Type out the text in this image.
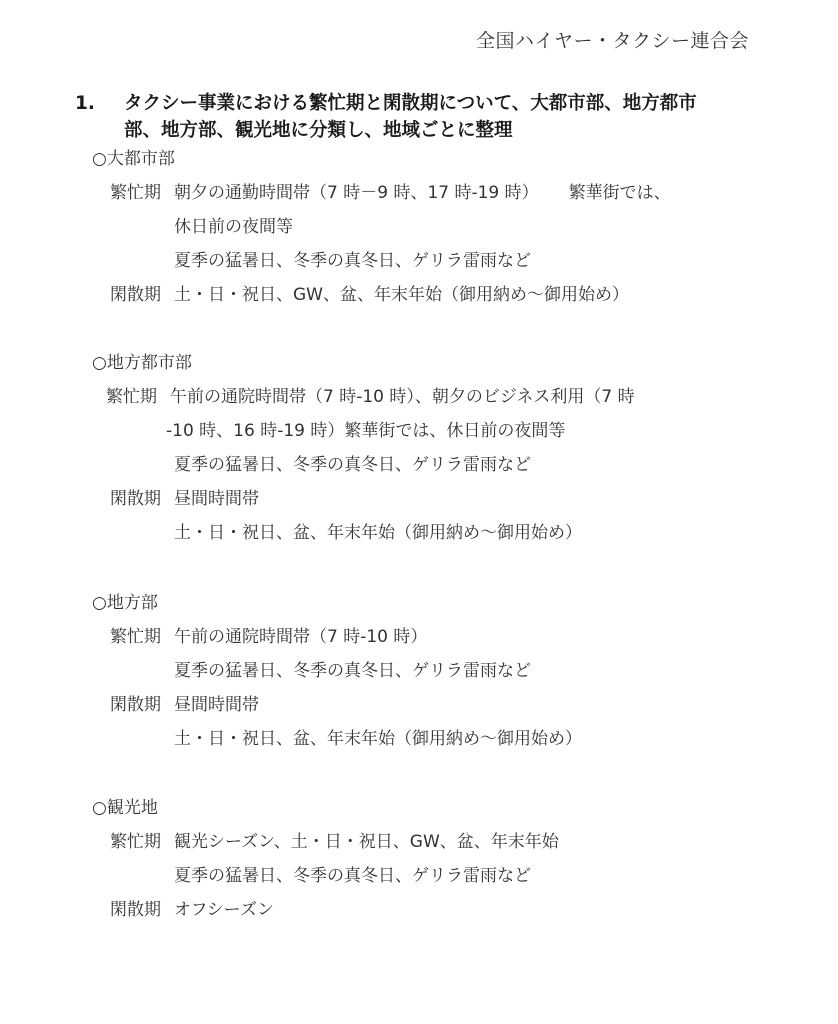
全国ハイヤー・タクシー連合会
1. タクシー事業における繁忙期と閑散期について、大都市部、地方都市
部、地方部、観光地に分類し、地域ごとに整理
○大都市部
繁忙期 朝夕の通勤時間帯（7 時－9 時、17 時-19 時） 繁華街では、
休日前の夜間等
夏季の猛暑日、冬季の真冬日、ゲリラ雷雨など
閑散期 土・日・祝日、GW、盆、年末年始（御用納め～御用始め）
○地方都市部
繁忙期 午前の通院時間帯（7 時-10 時）、朝夕のビジネス利用（7 時
-10 時、16 時-19 時）繁華街では、休日前の夜間等
夏季の猛暑日、冬季の真冬日、ゲリラ雷雨など
閑散期 昼間時間帯
土・日・祝日、盆、年末年始（御用納め～御用始め）
○地方部
繁忙期 午前の通院時間帯（7 時-10 時）
夏季の猛暑日、冬季の真冬日、ゲリラ雷雨など
閑散期 昼間時間帯
土・日・祝日、盆、年末年始（御用納め～御用始め）
○観光地
繁忙期 観光シーズン、土・日・祝日、GW、盆、年末年始
夏季の猛暑日、冬季の真冬日、ゲリラ雷雨など
閑散期 オフシーズン
